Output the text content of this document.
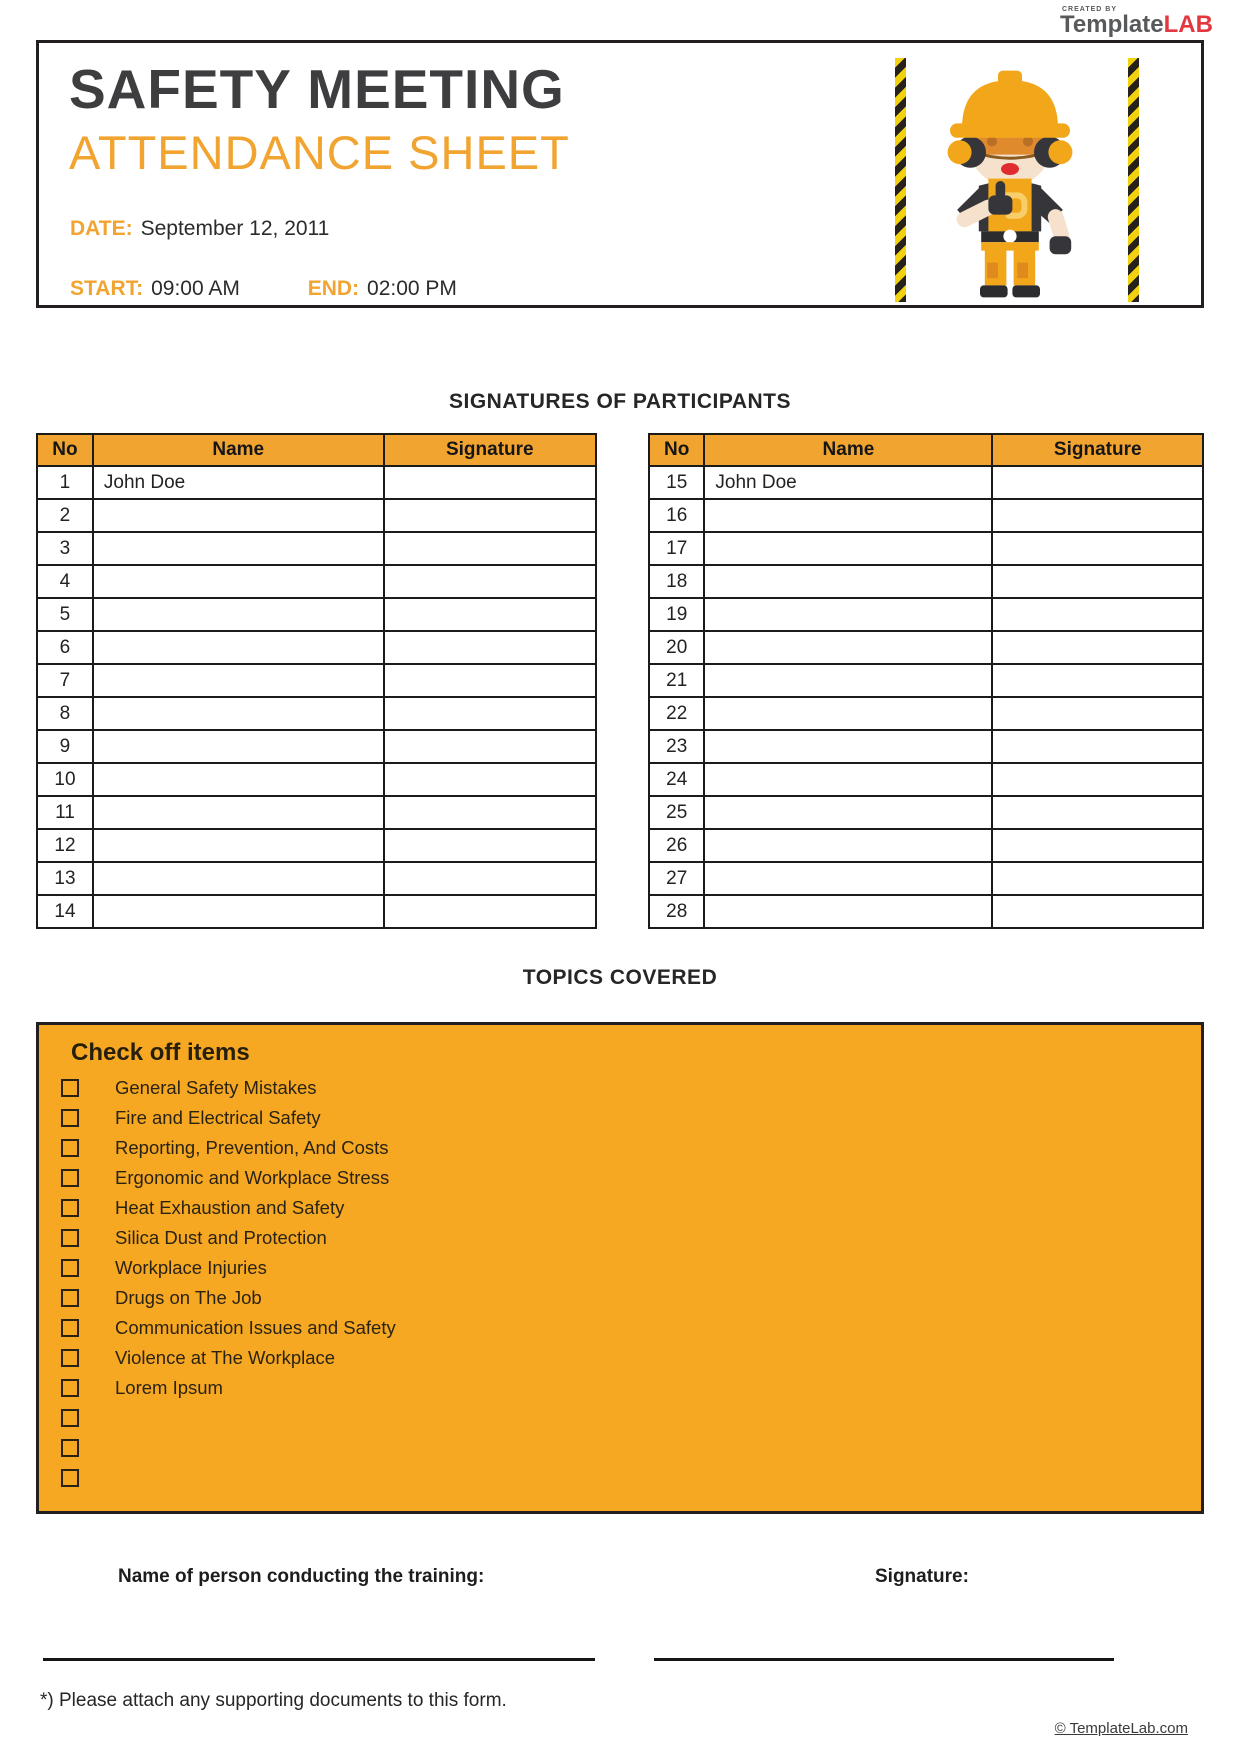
CREATED BY
TemplateLAB
SAFETY MEETING
ATTENDANCE SHEET
DATE: September 12, 2011
START: 09:00 AM	END: 02:00 PM
SIGNATURES OF PARTICIPANTS
No	Name	Signature
1	John Doe	
2		
3		
4		
5		
6		
7		
8		
9		
10		
11		
12		
13		
14		
No	Name	Signature
15	John Doe	
16		
17		
18		
19		
20		
21		
22		
23		
24		
25		
26		
27		
28		
TOPICS COVERED
Check off items
General Safety Mistakes
Fire and Electrical Safety
Reporting, Prevention, And Costs
Ergonomic and Workplace Stress
Heat Exhaustion and Safety
Silica Dust and Protection
Workplace Injuries
Drugs on The Job
Communication Issues and Safety
Violence at The Workplace
Lorem Ipsum
Name of person conducting the training:	Signature:
*) Please attach any supporting documents to this form.
© TemplateLab.com
